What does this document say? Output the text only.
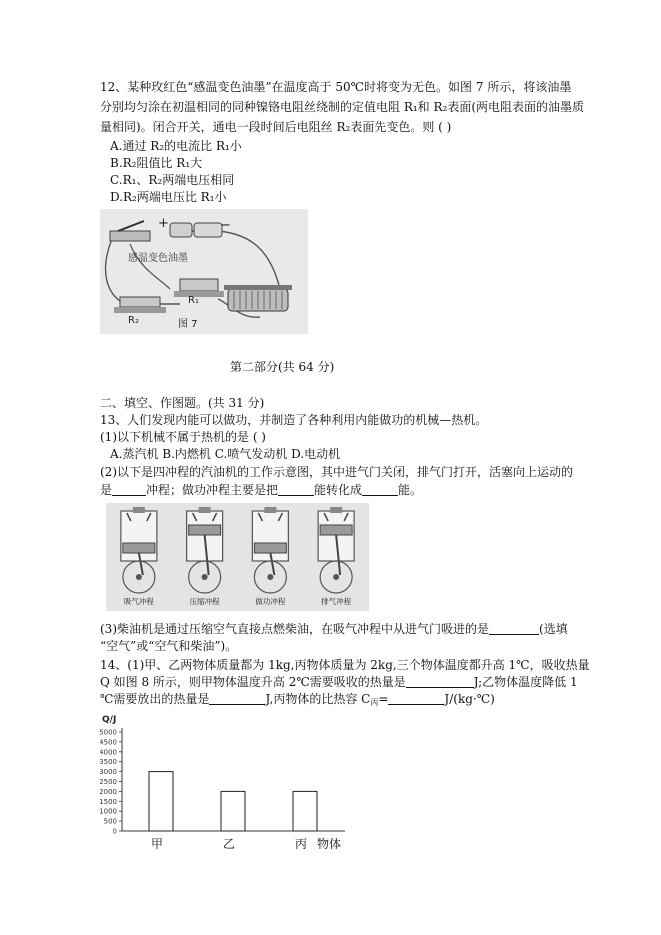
12、某种玫红色“感温变色油墨”在温度高于 50℃时将变为无色。如图 7 所示，将该油墨
分别均匀涂在初温相同的同种镍铬电阻丝绕制的定值电阻 R₁和 R₂表面(两电阻表面的油墨质
量相同)。闭合开关，通电一段时间后电阻丝 R₂表面先变色。则 ( )
A.通过 R₂的电流比 R₁小
B.R₂阻值比 R₁大
C.R₁、R₂两端电压相同
D.R₂两端电压比 R₁小
+	−
感温变色油墨
R₁
R₂	图 7
第二部分(共 64 分)
二、填空、作图题。(共 31 分)
13、人们发现内能可以做功，并制造了各种利用内能做功的机械—热机。
(1)以下机械不属于热机的是 ( )
A.蒸汽机 B.内燃机 C.喷气发动机 D.电动机
(2)以下是四冲程的汽油机的工作示意图，其中进气门关闭，排气门打开，活塞向上运动的
是	冲程；做功冲程主要是把	能转化成	能。
吸气冲程	压缩冲程	做功冲程	排气冲程
(3)柴油机是通过压缩空气直接点燃柴油，在吸气冲程中从进气门吸进的是	(选填
“空气”或“空气和柴油”)。
14、(1)甲、乙两物体质量都为 1kg,丙物体质量为 2kg,三个物体温度都升高 1℃，吸收热量
Q 如图 8 所示，则甲物体温度升高 2℃需要吸收的热量是	J;乙物体温度降低 1
℃需要放出的热量是	J,丙物体的比热容 $C_丙=$	J/(kg·℃)
0
500
1000
1500
2000
2500
3000
3500
4000
4500
5000
Q/J
甲	乙	丙 物体
